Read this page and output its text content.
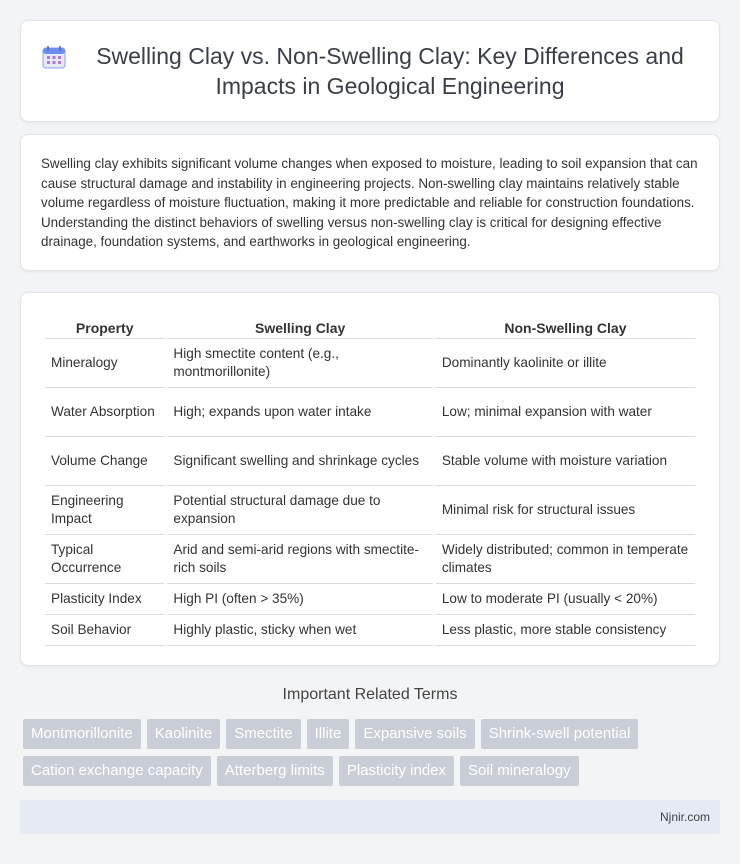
Swelling Clay vs. Non-Swelling Clay: Key Differences and Impacts in Geological Engineering

Swelling clay exhibits significant volume changes when exposed to moisture, leading to soil expansion that can cause structural damage and instability in engineering projects. Non-swelling clay maintains relatively stable volume regardless of moisture fluctuation, making it more predictable and reliable for construction foundations. Understanding the distinct behaviors of swelling versus non-swelling clay is critical for designing effective drainage, foundation systems, and earthworks in geological engineering.

Property	Swelling Clay	Non-Swelling Clay
Mineralogy	High smectite content (e.g., montmorillonite)	Dominantly kaolinite or illite
Water Absorption	High; expands upon water intake	Low; minimal expansion with water
Volume Change	Significant swelling and shrinkage cycles	Stable volume with moisture variation
Engineering Impact	Potential structural damage due to expansion	Minimal risk for structural issues
Typical Occurrence	Arid and semi-arid regions with smectite-rich soils	Widely distributed; common in temperate climates
Plasticity Index	High PI (often > 35%)	Low to moderate PI (usually < 20%)
Soil Behavior	Highly plastic, sticky when wet	Less plastic, more stable consistency
Important Related Terms
Montmorillonite	Kaolinite	Smectite	Illite	Expansive soils	Shrink-swell potential
Cation exchange capacity	Atterberg limits	Plasticity index	Soil mineralogy
Njnir.com
